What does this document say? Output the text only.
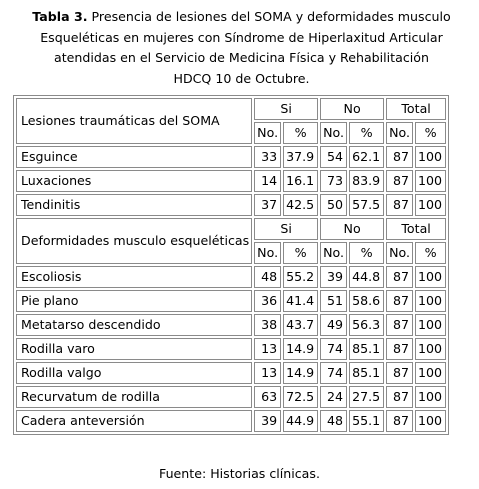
Tabla 3. Presencia de lesiones del SOMA y deformidades musculo
Esqueléticas en mujeres con Síndrome de Hiperlaxitud Articular
atendidas en el Servicio de Medicina Física y Rehabilitación
HDCQ 10 de Octubre.
Lesiones traumáticas del SOMA	Si		No		Total	
	No.	%	No.	%	No.	%
Esguince	33	37.9	54	62.1	87	100
Luxaciones	14	16.1	73	83.9	87	100
Tendinitis	37	42.5	50	57.5	87	100
Deformidades musculo esqueléticas	Si		No		Total	
	No.	%	No.	%	No.	%
Escoliosis	48	55.2	39	44.8	87	100
Pie plano	36	41.4	51	58.6	87	100
Metatarso descendido	38	43.7	49	56.3	87	100
Rodilla varo	13	14.9	74	85.1	87	100
Rodilla valgo	13	14.9	74	85.1	87	100
Recurvatum de rodilla	63	72.5	24	27.5	87	100
Cadera anteversión	39	44.9	48	55.1	87	100
Fuente: Historias clínicas.
